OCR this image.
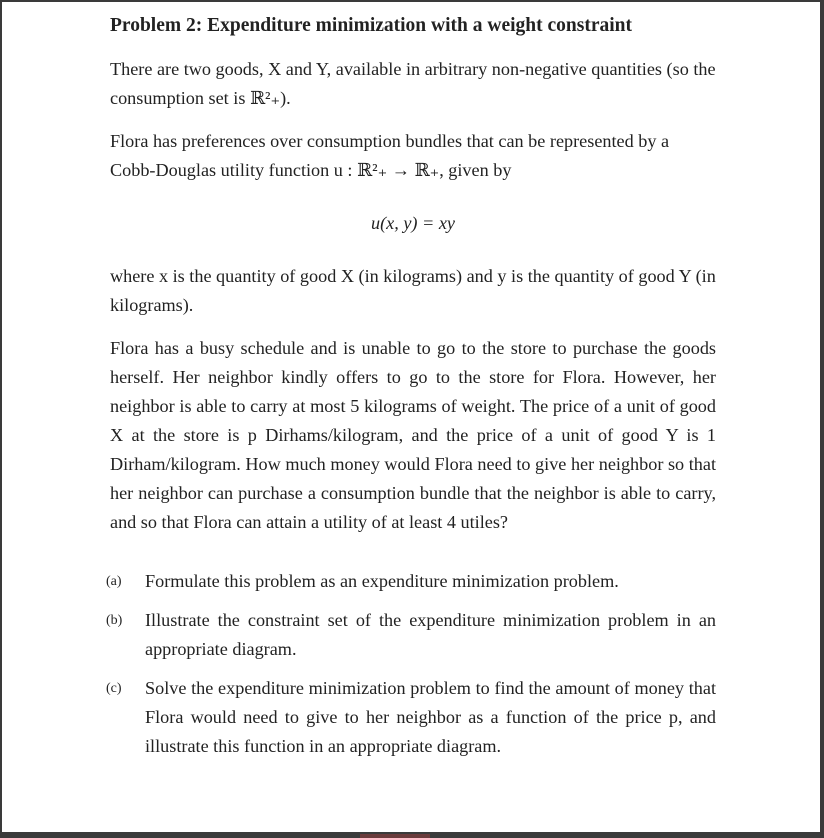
Problem 2: Expenditure minimization with a weight constraint

There are two goods, X and Y, available in arbitrary non-negative quantities (so the consumption set is ℝ²₊).

Flora has preferences over consumption bundles that can be represented by a Cobb-Douglas utility function u : ℝ²₊ → ℝ₊, given by

u(x, y) = xy

where x is the quantity of good X (in kilograms) and y is the quantity of good Y (in kilograms).

Flora has a busy schedule and is unable to go to the store to purchase the goods herself. Her neighbor kindly offers to go to the store for Flora. However, her neighbor is able to carry at most 5 kilograms of weight. The price of a unit of good X at the store is p Dirhams/kilogram, and the price of a unit of good Y is 1 Dirham/kilogram. How much money would Flora need to give her neighbor so that her neighbor can purchase a consumption bundle that the neighbor is able to carry, and so that Flora can attain a utility of at least 4 utiles?

(a) Formulate this problem as an expenditure minimization problem.
(b) Illustrate the constraint set of the expenditure minimization problem in an appropriate diagram.
(c) Solve the expenditure minimization problem to find the amount of money that Flora would need to give to her neighbor as a function of the price p, and illustrate this function in an appropriate diagram.
